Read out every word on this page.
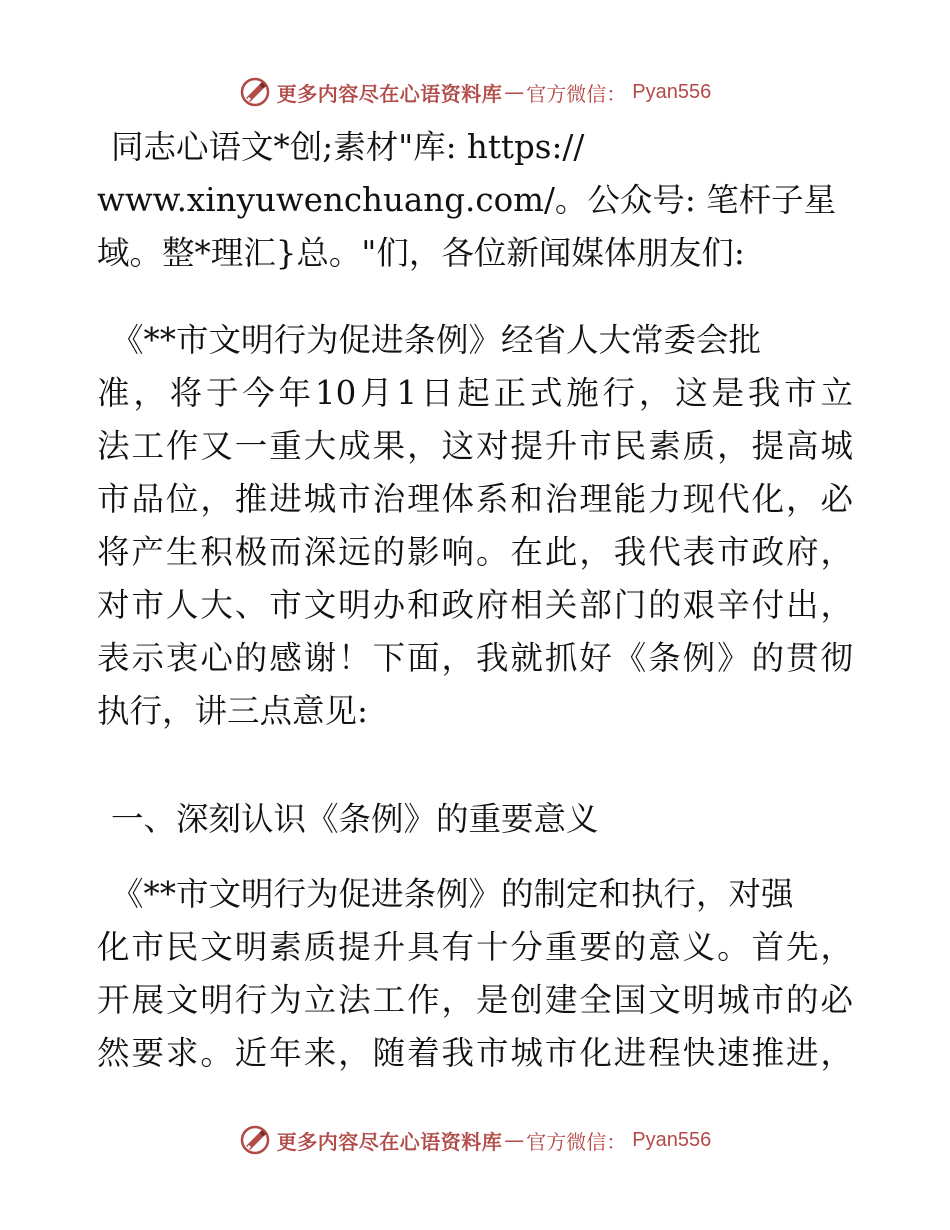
更多内容尽在心语资料库 — 官方微信 ： Pyan556
同志心语文*创;素材"库: https://
www.xinyuwenchuang.com/。公众号: 笔杆子星
域。整*理汇}总。"们，各位新闻媒体朋友们:
《**市文明行为促进条例》经省人大常委会批
准，将于今年10月1日起正式施行，这是我市立
法工作又一重大成果，这对提升市民素质，提高城
市品位，推进城市治理体系和治理能力现代化，必
将产生积极而深远的影响。在此，我代表市政府，
对市人大、市文明办和政府相关部门的艰辛付出，
表示衷心的感谢！下面，我就抓好《条例》的贯彻
执行，讲三点意见:
一、深刻认识《条例》的重要意义
《**市文明行为促进条例》的制定和执行，对强
化市民文明素质提升具有十分重要的意义。首先，
开展文明行为立法工作，是创建全国文明城市的必
然要求。近年来，随着我市城市化进程快速推进，
更多内容尽在心语资料库 — 官方微信 ： Pyan556
